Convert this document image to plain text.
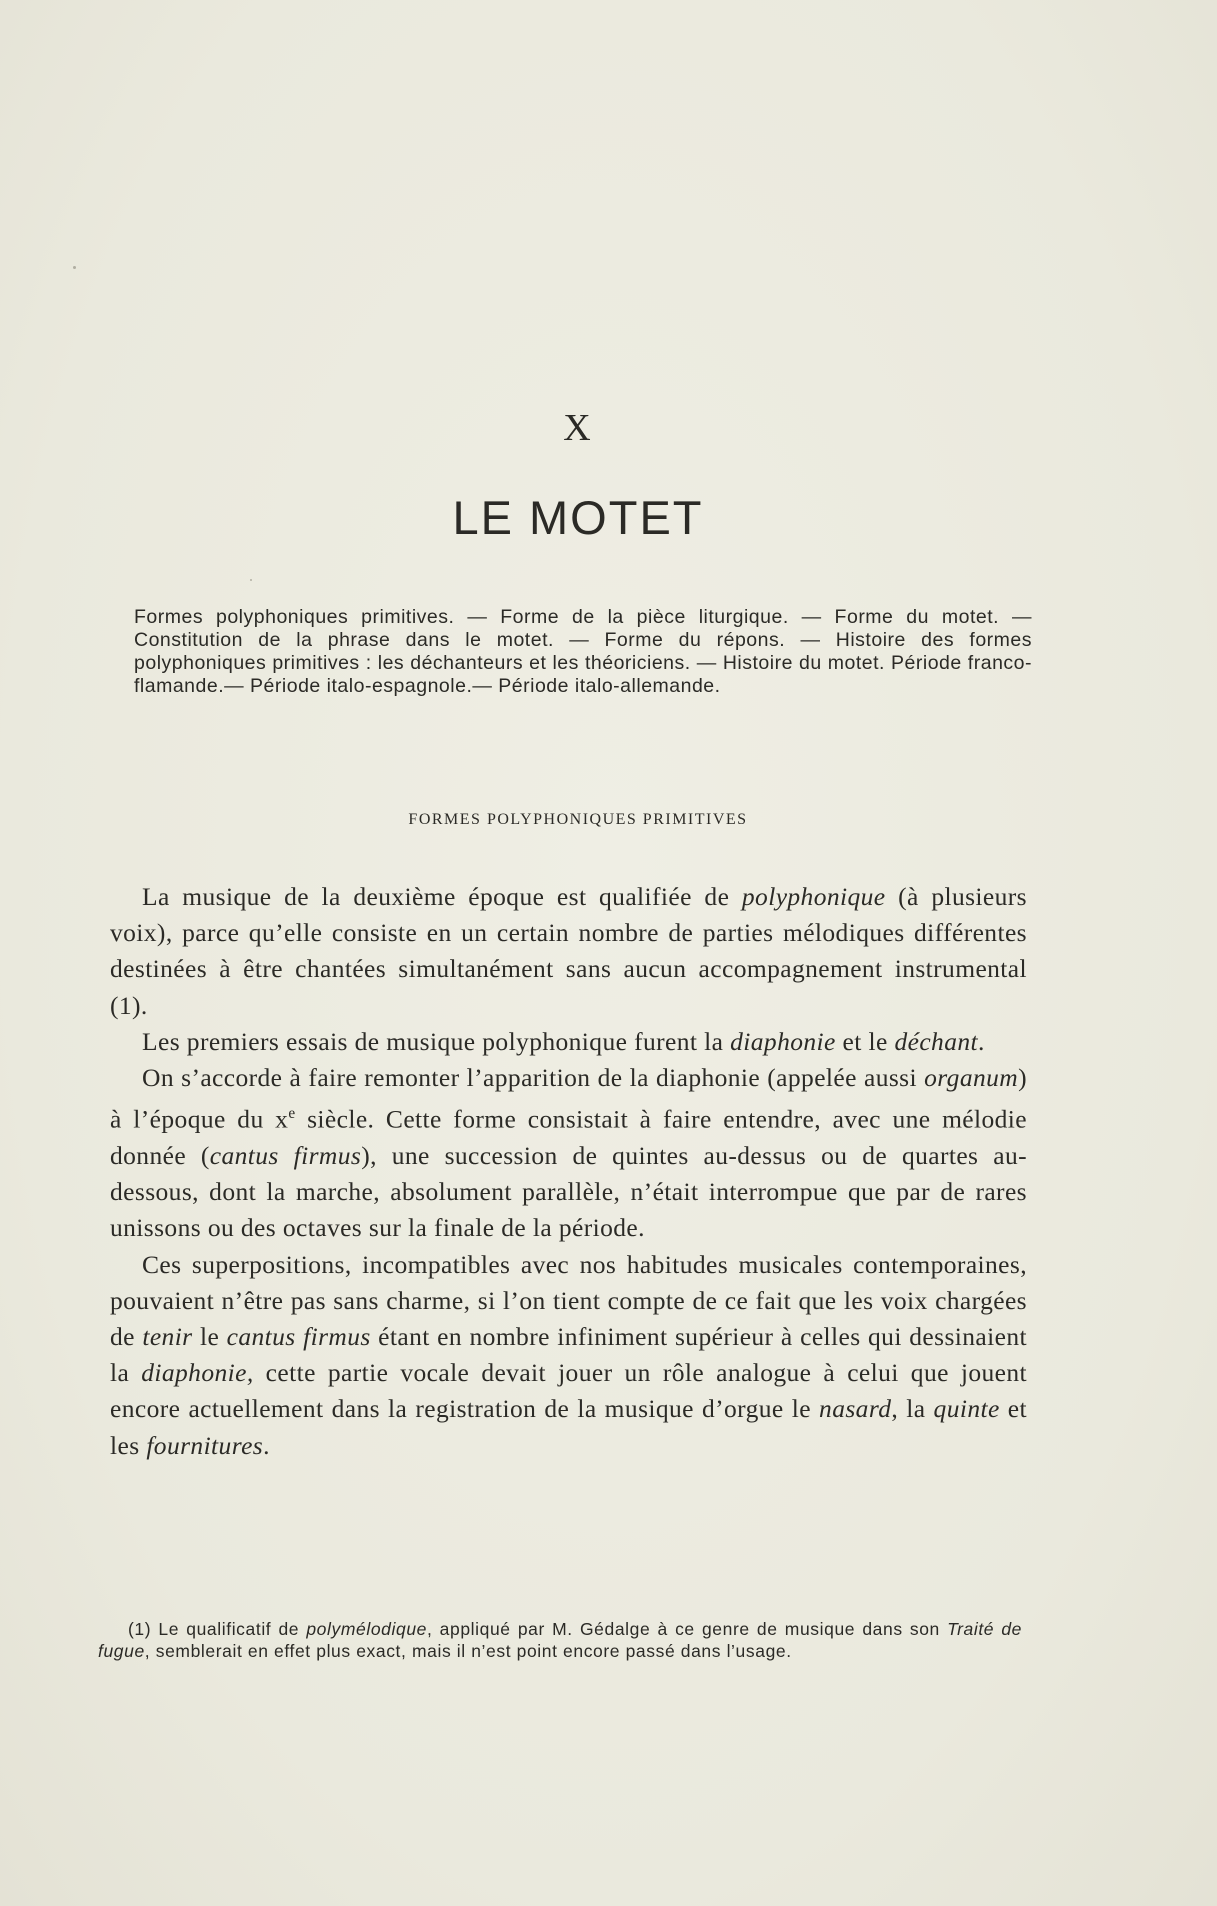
X
LE MOTET
Formes polyphoniques primitives. — Forme de la pièce liturgique. — Forme du motet. — Constitution de la phrase dans le motet. — Forme du répons. — Histoire des formes polyphoniques primitives : les déchanteurs et les théoriciens. — Histoire du motet. Période franco-flamande.— Période italo-espagnole.— Période italo-allemande.
FORMES POLYPHONIQUES PRIMITIVES

La musique de la deuxième époque est qualifiée de polyphonique (à plusieurs voix), parce qu’elle consiste en un certain nombre de parties mélodiques différentes destinées à être chantées simultanément sans aucun accompagnement instrumental (1).

Les premiers essais de musique polyphonique furent la diaphonie et le déchant.

On s’accorde à faire remonter l’apparition de la diaphonie (appelée aussi organum) à l’époque du $x^e$ siècle. Cette forme consistait à faire entendre, avec une mélodie donnée (cantus firmus), une succession de quintes au-dessus ou de quartes au-dessous, dont la marche, absolument parallèle, n’était interrompue que par de rares unissons ou des octaves sur la finale de la période.

Ces superpositions, incompatibles avec nos habitudes musicales contemporaines, pouvaient n’être pas sans charme, si l’on tient compte de ce fait que les voix chargées de tenir le cantus firmus étant en nombre infiniment supérieur à celles qui dessinaient la diaphonie, cette partie vocale devait jouer un rôle analogue à celui que jouent encore actuellement dans la registration de la musique d’orgue le nasard, la quinte et les fournitures.

(1) Le qualificatif de polymélodique, appliqué par M. Gédalge à ce genre de musique dans son Traité de fugue, semblerait en effet plus exact, mais il n’est point encore passé dans l’usage.
